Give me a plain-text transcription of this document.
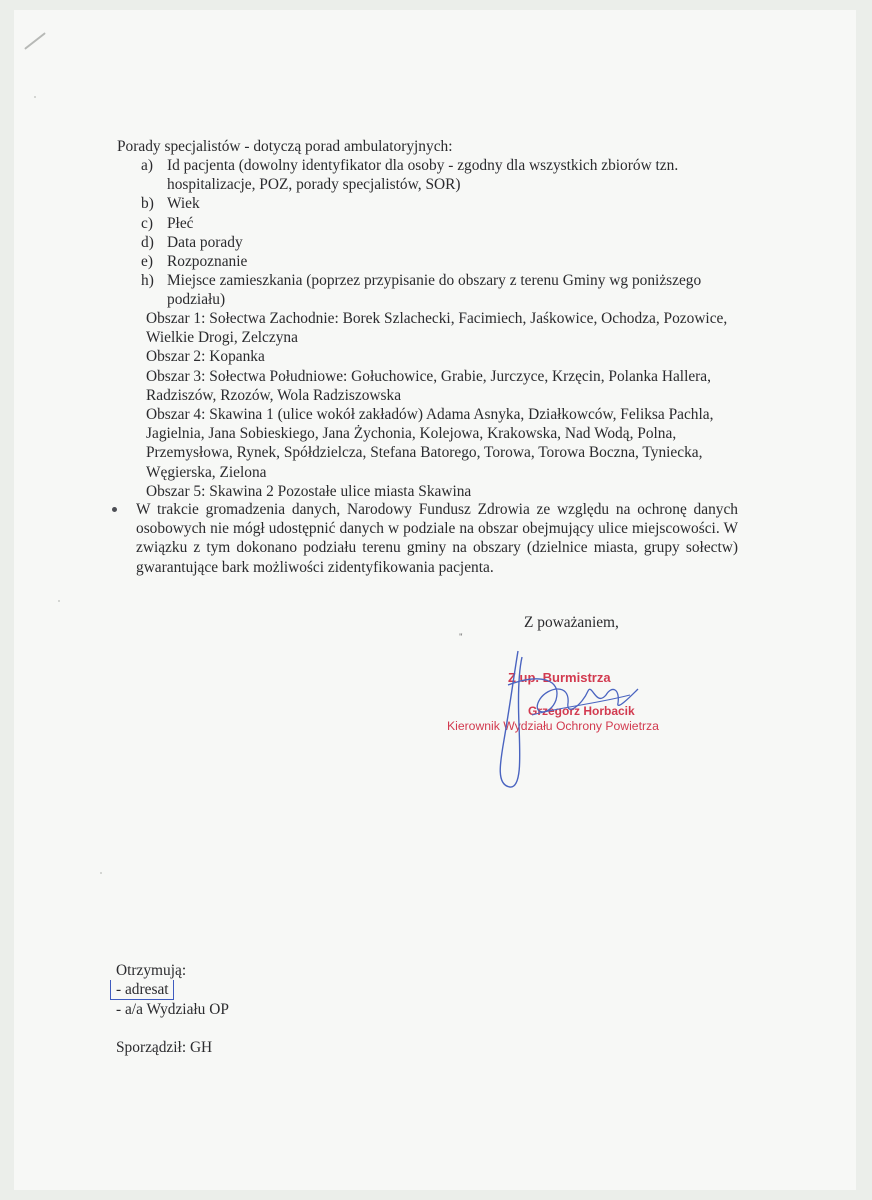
Porady specjalistów - dotyczą porad ambulatoryjnych:
a) Id pacjenta (dowolny identyfikator dla osoby - zgodny dla wszystkich zbiorów tzn. hospitalizacje, POZ, porady specjalistów, SOR)
b) Wiek
c) Płeć
d) Data porady
e) Rozpoznanie
h) Miejsce zamieszkania (poprzez przypisanie do obszary z terenu Gminy wg poniższego podziału)

Obszar 1: Sołectwa Zachodnie: Borek Szlachecki, Facimiech, Jaśkowice, Ochodza, Pozowice, Wielkie Drogi, Zelczyna

Obszar 2: Kopanka

Obszar 3: Sołectwa Południowe: Gołuchowice, Grabie, Jurczyce, Krzęcin, Polanka Hallera, Radziszów, Rzozów, Wola Radziszowska

Obszar 4: Skawina 1 (ulice wokół zakładów) Adama Asnyka, Działkowców, Feliksa Pachla, Jagielnia, Jana Sobieskiego, Jana Żychonia, Kolejowa, Krakowska, Nad Wodą, Polna, Przemysłowa, Rynek, Spółdzielcza, Stefana Batorego, Torowa, Torowa Boczna, Tyniecka, Węgierska, Zielona

Obszar 5: Skawina 2 Pozostałe ulice miasta Skawina

W trakcie gromadzenia danych, Narodowy Fundusz Zdrowia ze względu na ochronę danych osobowych nie mógł udostępnić danych w podziale na obszar obejmujący ulice miejscowości. W związku z tym dokonano podziału terenu gminy na obszary (dzielnice miasta, grupy sołectw) gwarantujące bark możliwości zidentyfikowania pacjenta.

Z poważaniem,
"
Z up. Burmistrza
Grzegorz Horbacik
Kierownik Wydziału Ochrony Powietrza

Otrzymują:

- adresat

- a/a Wydziału OP

Sporządził: GH
